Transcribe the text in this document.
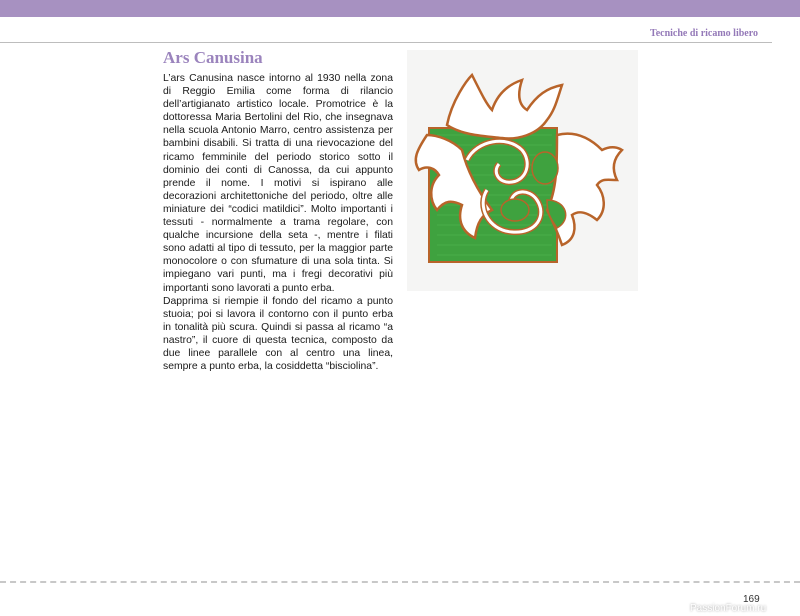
Tecniche di ricamo libero
Ars Canusina

L’ars Canusina nasce intorno al 1930 nella zona di Reggio Emilia come forma di rilancio dell’artigianato artistico locale. Promotrice è la dottoressa Maria Bertolini del Rio, che insegnava nella scuola Antonio Marro, centro assistenza per bambini disabili. Si tratta di una rievocazione del ricamo femminile del periodo storico sotto il dominio dei conti di Canossa, da cui appunto prende il nome. I motivi si ispirano alle decorazioni architettoniche del periodo, oltre alle miniature dei “codici matildici”. Molto importanti i tessuti - normalmente a trama regolare, con qualche incursione della seta -, mentre i filati sono adatti al tipo di tessuto, per la maggior parte monocolore o con sfumature di una sola tinta. Si impiegano vari punti, ma i fregi decorativi più importanti sono lavorati a punto erba.

Dapprima si riempie il fondo del ricamo a punto stuoia; poi si lavora il contorno con il punto erba in tonalità più scura. Quindi si passa al ricamo “a nastro”, il cuore di questa tecnica, composto da due linee parallele con al centro una linea, sempre a punto erba, la cosiddetta “bisciolina”.

169
PassionForum.ru
